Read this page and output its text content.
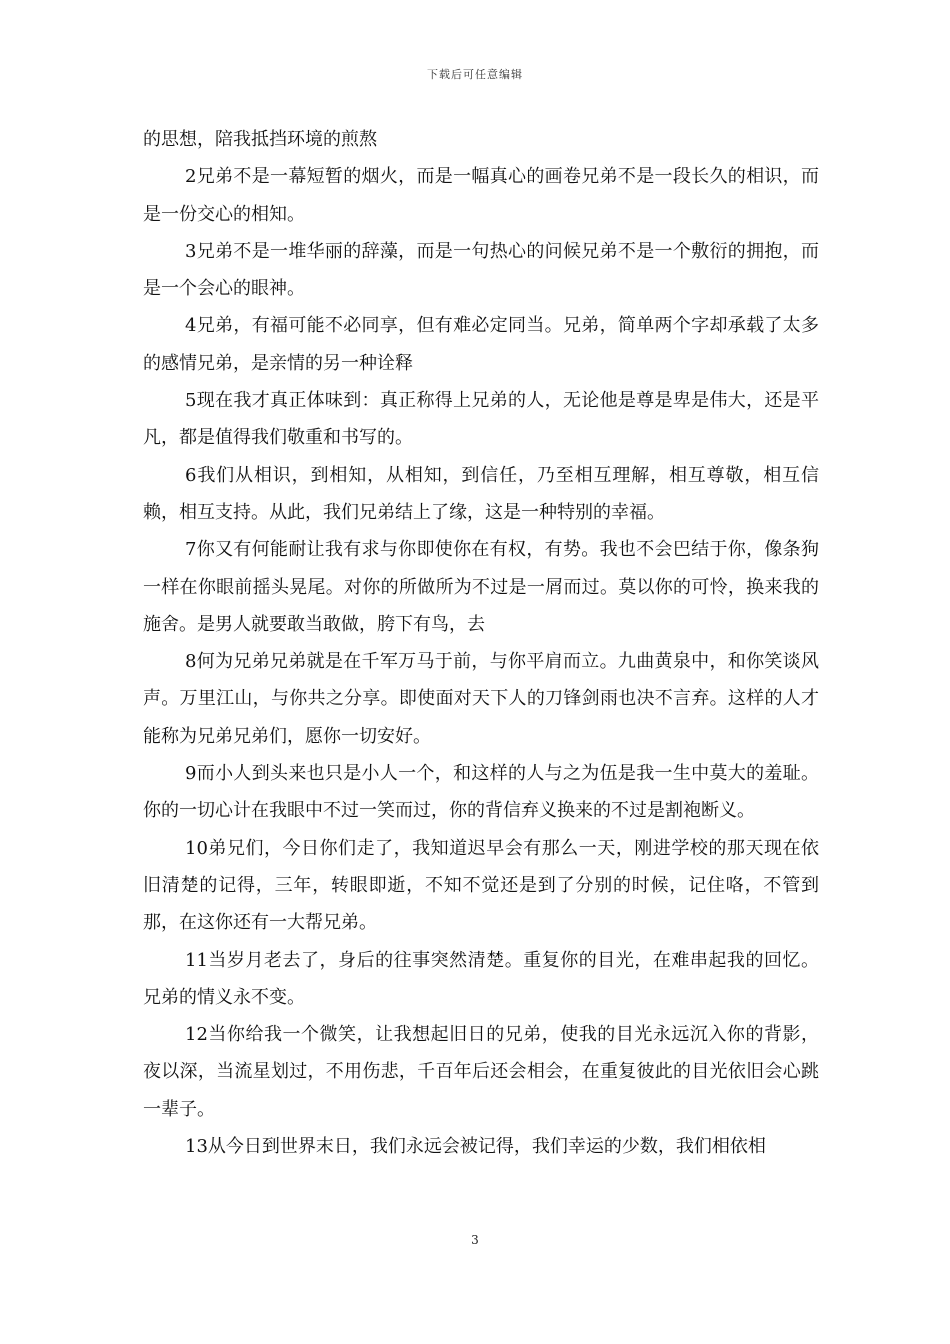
下载后可任意编辑

的思想，陪我抵挡环境的煎熬

2兄弟不是一幕短暂的烟火，而是一幅真心的画卷兄弟不是一段长久的相识，而是一份交心的相知。

3兄弟不是一堆华丽的辞藻，而是一句热心的问候兄弟不是一个敷衍的拥抱，而是一个会心的眼神。

4兄弟，有福可能不必同享，但有难必定同当。兄弟，简单两个字却承载了太多的感情兄弟，是亲情的另一种诠释

5现在我才真正体味到：真正称得上兄弟的人，无论他是尊是卑是伟大，还是平凡，都是值得我们敬重和书写的。

6我们从相识，到相知，从相知，到信任，乃至相互理解，相互尊敬，相互信赖，相互支持。从此，我们兄弟结上了缘，这是一种特别的幸福。

7你又有何能耐让我有求与你即使你在有权，有势。我也不会巴结于你，像条狗一样在你眼前摇头晃尾。对你的所做所为不过是一屑而过。莫以你的可怜，换来我的施舍。是男人就要敢当敢做，胯下有鸟，去

8何为兄弟兄弟就是在千军万马于前，与你平肩而立。九曲黄泉中，和你笑谈风声。万里江山，与你共之分享。即使面对天下人的刀锋剑雨也决不言弃。这样的人才能称为兄弟兄弟们，愿你一切安好。

9而小人到头来也只是小人一个，和这样的人与之为伍是我一生中莫大的羞耻。你的一切心计在我眼中不过一笑而过，你的背信弃义换来的不过是割袍断义。

10弟兄们，今日你们走了，我知道迟早会有那么一天，刚进学校的那天现在依旧清楚的记得，三年，转眼即逝，不知不觉还是到了分别的时候，记住咯，不管到那，在这你还有一大帮兄弟。

11当岁月老去了，身后的往事突然清楚。重复你的目光，在难串起我的回忆。兄弟的情义永不变。

12当你给我一个微笑，让我想起旧日的兄弟，使我的目光永远沉入你的背影，夜以深，当流星划过，不用伤悲，千百年后还会相会，在重复彼此的目光依旧会心跳一辈子。

13从今日到世界末日，我们永远会被记得，我们幸运的少数，我们相依相

3
